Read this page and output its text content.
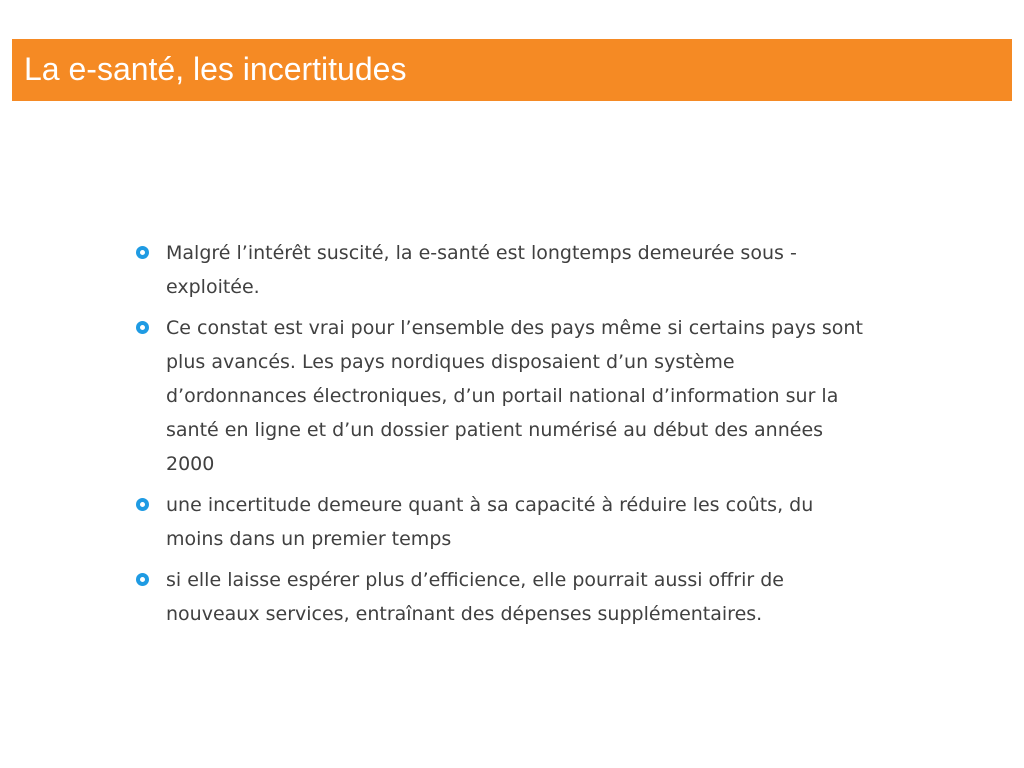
La e-santé, les incertitudes
Malgré l’intérêt suscité, la e-santé est longtemps demeurée sous - exploitée.
Ce constat est vrai pour l’ensemble des pays même si certains pays sont plus avancés. Les pays nordiques disposaient d’un système d’ordonnances électroniques, d’un portail national d’information sur la santé en ligne et d’un dossier patient numérisé au début des années 2000
une incertitude demeure quant à sa capacité à réduire les coûts, du moins dans un premier temps
si elle laisse espérer plus d’efficience, elle pourrait aussi offrir de nouveaux services, entraînant des dépenses supplémentaires.
